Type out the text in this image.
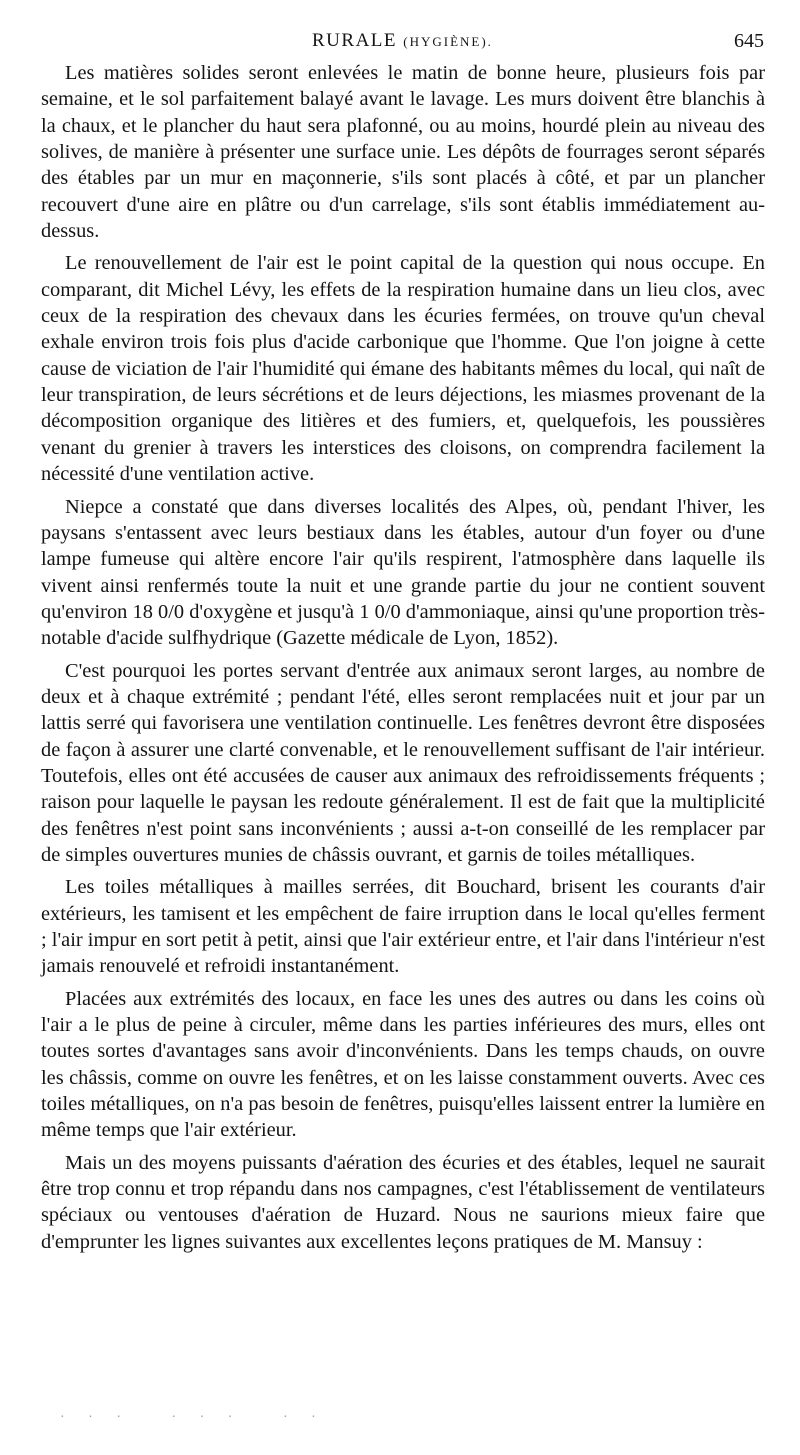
RURALE (HYGIÈNE).	645

Les matières solides seront enlevées le matin de bonne heure, plusieurs fois par semaine, et le sol parfaitement balayé avant le lavage. Les murs doivent être blanchis à la chaux, et le plancher du haut sera plafonné, ou au moins, hourdé plein au niveau des solives, de manière à présenter une surface unie. Les dépôts de fourrages seront séparés des étables par un mur en maçonnerie, s'ils sont placés à côté, et par un plancher recouvert d'une aire en plâtre ou d'un carrelage, s'ils sont établis immédiatement au-dessus.

Le renouvellement de l'air est le point capital de la question qui nous occupe. En comparant, dit Michel Lévy, les effets de la respiration humaine dans un lieu clos, avec ceux de la respiration des chevaux dans les écuries fermées, on trouve qu'un cheval exhale environ trois fois plus d'acide carbonique que l'homme. Que l'on joigne à cette cause de viciation de l'air l'humidité qui émane des habitants mêmes du local, qui naît de leur transpiration, de leurs sécrétions et de leurs déjections, les miasmes provenant de la décomposition organique des litières et des fumiers, et, quelquefois, les poussières venant du grenier à travers les interstices des cloisons, on comprendra facilement la nécessité d'une ventilation active.

Niepce a constaté que dans diverses localités des Alpes, où, pendant l'hiver, les paysans s'entassent avec leurs bestiaux dans les étables, autour d'un foyer ou d'une lampe fumeuse qui altère encore l'air qu'ils respirent, l'atmosphère dans laquelle ils vivent ainsi renfermés toute la nuit et une grande partie du jour ne contient souvent qu'environ 18 0/0 d'oxygène et jusqu'à 1 0/0 d'ammoniaque, ainsi qu'une proportion très-notable d'acide sulfhydrique (Gazette médicale de Lyon, 1852).

C'est pourquoi les portes servant d'entrée aux animaux seront larges, au nombre de deux et à chaque extrémité ; pendant l'été, elles seront remplacées nuit et jour par un lattis serré qui favorisera une ventilation continuelle. Les fenêtres devront être disposées de façon à assurer une clarté convenable, et le renouvellement suffisant de l'air intérieur. Toutefois, elles ont été accusées de causer aux animaux des refroidissements fréquents ; raison pour laquelle le paysan les redoute généralement. Il est de fait que la multiplicité des fenêtres n'est point sans inconvénients ; aussi a-t-on conseillé de les remplacer par de simples ouvertures munies de châssis ouvrant, et garnis de toiles métalliques.

Les toiles métalliques à mailles serrées, dit Bouchard, brisent les courants d'air extérieurs, les tamisent et les empêchent de faire irruption dans le local qu'elles ferment ; l'air impur en sort petit à petit, ainsi que l'air extérieur entre, et l'air dans l'intérieur n'est jamais renouvelé et refroidi instantanément.

Placées aux extrémités des locaux, en face les unes des autres ou dans les coins où l'air a le plus de peine à circuler, même dans les parties inférieures des murs, elles ont toutes sortes d'avantages sans avoir d'inconvénients. Dans les temps chauds, on ouvre les châssis, comme on ouvre les fenêtres, et on les laisse constamment ouverts. Avec ces toiles métalliques, on n'a pas besoin de fenêtres, puisqu'elles laissent entrer la lumière en même temps que l'air extérieur.

Mais un des moyens puissants d'aération des écuries et des étables, lequel ne saurait être trop connu et trop répandu dans nos campagnes, c'est l'établissement de ventilateurs spéciaux ou ventouses d'aération de Huzard. Nous ne saurions mieux faire que d'emprunter les lignes suivantes aux excellentes leçons pratiques de M. Mansuy :

· · ·   · · ·   · ·
